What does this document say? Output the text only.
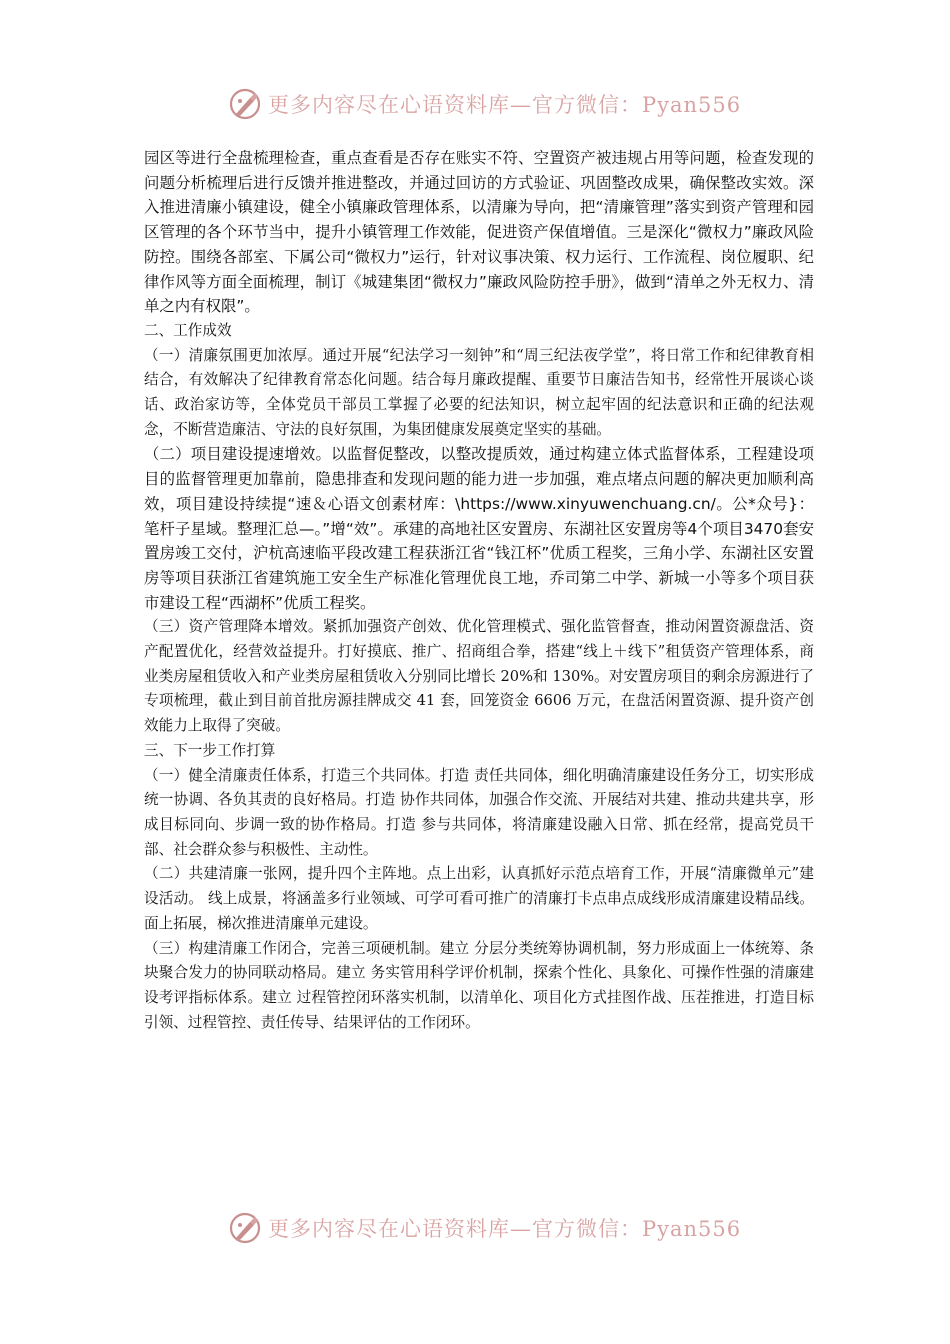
更多内容尽在心语资料库—官方微信：Pyan556

园区等进行全盘梳理检查，重点查看是否存在账实不符、空置资产被违规占用等问题，检查发现的问题分析梳理后进行反馈并推进整改，并通过回访的方式验证、巩固整改成果，确保整改实效。深入推进清廉小镇建设，健全小镇廉政管理体系，以清廉为导向，把“清廉管理”落实到资产管理和园区管理的各个环节当中，提升小镇管理工作效能，促进资产保值增值。三是深化“微权力”廉政风险防控。围绕各部室、下属公司“微权力”运行，针对议事决策、权力运行、工作流程、岗位履职、纪律作风等方面全面梳理，制订《城建集团“微权力”廉政风险防控手册》，做到“清单之外无权力、清单之内有权限”。

二、工作成效

（一）清廉氛围更加浓厚。通过开展“纪法学习一刻钟”和“周三纪法夜学堂”，将日常工作和纪律教育相结合，有效解决了纪律教育常态化问题。结合每月廉政提醒、重要节日廉洁告知书，经常性开展谈心谈话、政治家访等，全体党员干部员工掌握了必要的纪法知识，树立起牢固的纪法意识和正确的纪法观念，不断营造廉洁、守法的良好氛围，为集团健康发展奠定坚实的基础。

（二）项目建设提速增效。以监督促整改，以整改提质效，通过构建立体式监督体系，工程建设项目的监督管理更加靠前，隐患排查和发现问题的能力进一步加强，难点堵点问题的解决更加顺利高效，项目建设持续提“速＆心语文创素材库：\https://www.xinyuwenchuang.cn/。公*众号}：笔杆子星域。整理汇总—。”增“效”。承建的高地社区安置房、东湖社区安置房等4个项目3470套安置房竣工交付，沪杭高速临平段改建工程获浙江省“钱江杯”优质工程奖，三角小学、东湖社区安置房等项目获浙江省建筑施工安全生产标准化管理优良工地，乔司第二中学、新城一小等多个项目获市建设工程“西湖杯”优质工程奖。

（三）资产管理降本增效。紧抓加强资产创效、优化管理模式、强化监管督查，推动闲置资源盘活、资产配置优化，经营效益提升。打好摸底、推广、招商组合拳，搭建“线上＋线下”租赁资产管理体系，商业类房屋租赁收入和产业类房屋租赁收入分别同比增长 20%和 130%。对安置房项目的剩余房源进行了专项梳理，截止到目前首批房源挂牌成交 41 套，回笼资金 6606 万元，在盘活闲置资源、提升资产创效能力上取得了突破。

三、下一步工作打算

（一）健全清廉责任体系，打造三个共同体。打造 责任共同体，细化明确清廉建设任务分工，切实形成统一协调、各负其责的良好格局。打造 协作共同体，加强合作交流、开展结对共建、推动共建共享，形成目标同向、步调一致的协作格局。打造 参与共同体，将清廉建设融入日常、抓在经常，提高党员干部、社会群众参与积极性、主动性。

（二）共建清廉一张网，提升四个主阵地。点上出彩，认真抓好示范点培育工作，开展“清廉微单元”建设活动。 线上成景，将涵盖多行业领域、可学可看可推广的清廉打卡点串点成线形成清廉建设精品线。 面上拓展，梯次推进清廉单元建设。

（三）构建清廉工作闭合，完善三项硬机制。建立 分层分类统筹协调机制，努力形成面上一体统筹、条块聚合发力的协同联动格局。建立 务实管用科学评价机制，探索个性化、具象化、可操作性强的清廉建设考评指标体系。建立 过程管控闭环落实机制，以清单化、项目化方式挂图作战、压茬推进，打造目标引领、过程管控、责任传导、结果评估的工作闭环。

更多内容尽在心语资料库—官方微信：Pyan556
